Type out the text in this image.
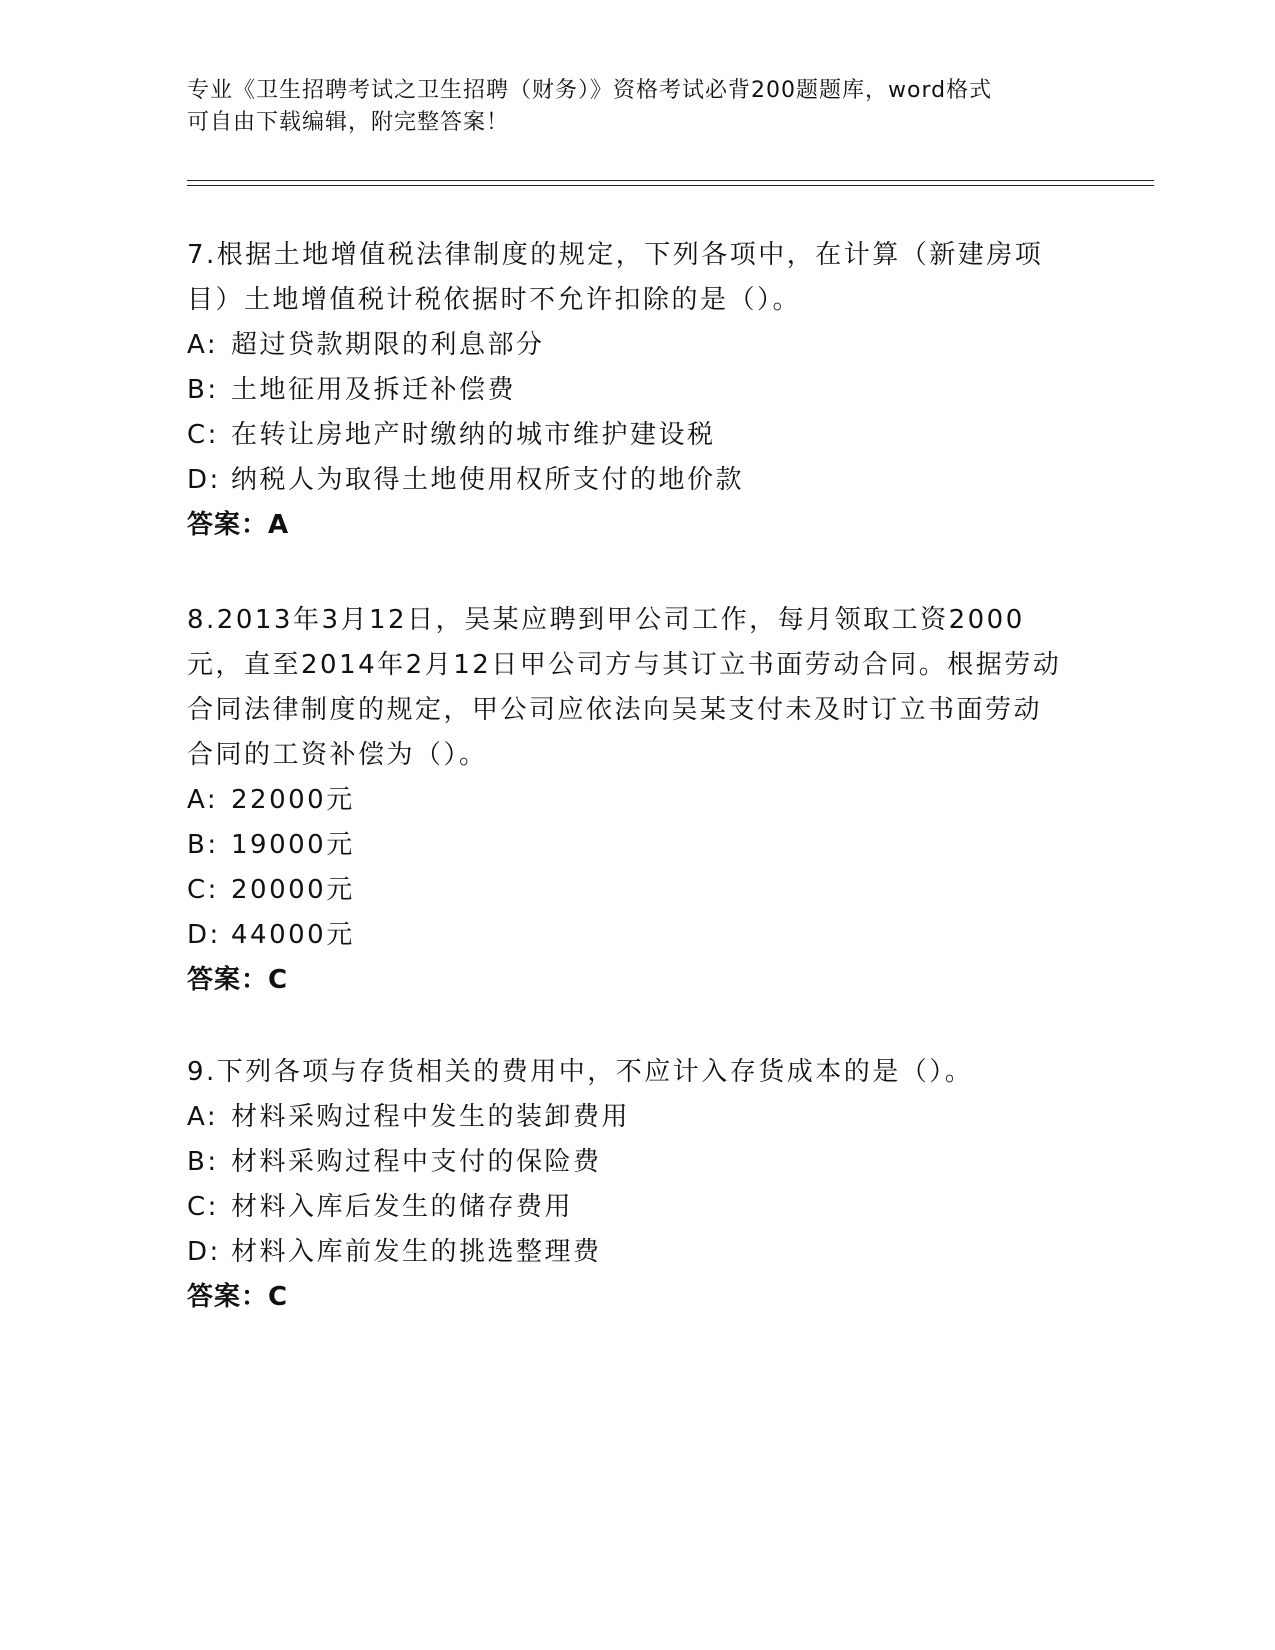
专业《卫生招聘考试之卫生招聘（财务）》资格考试必背200题题库，word格式
可自由下载编辑，附完整答案！

7.根据土地增值税法律制度的规定，下列各项中，在计算（新建房项目）土地增值税计税依据时不允许扣除的是（）。

A: 超过贷款期限的利息部分

B: 土地征用及拆迁补偿费

C: 在转让房地产时缴纳的城市维护建设税

D: 纳税人为取得土地使用权所支付的地价款

答案：A

8.2013年3月12日，吴某应聘到甲公司工作，每月领取工资2000元，直至2014年2月12日甲公司方与其订立书面劳动合同。根据劳动合同法律制度的规定，甲公司应依法向吴某支付未及时订立书面劳动合同的工资补偿为（）。

A: 22000元

B: 19000元

C: 20000元

D: 44000元

答案：C

9.下列各项与存货相关的费用中，不应计入存货成本的是（）。

A: 材料采购过程中发生的装卸费用

B: 材料采购过程中支付的保险费

C: 材料入库后发生的储存费用

D: 材料入库前发生的挑选整理费

答案：C
